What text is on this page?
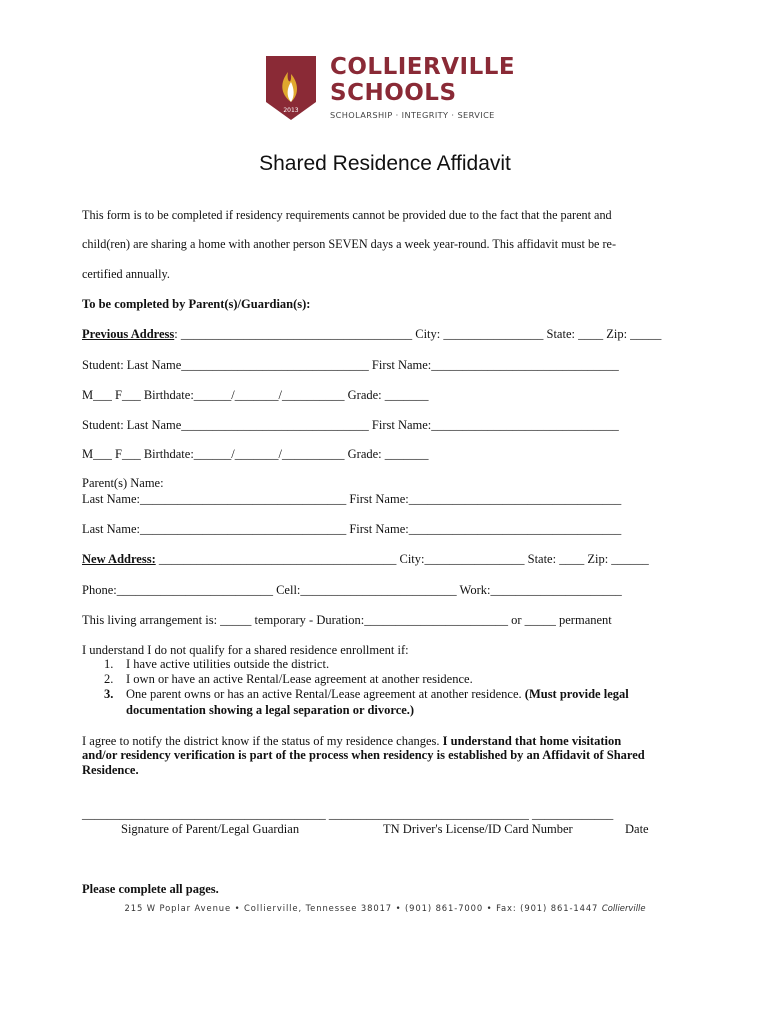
2013
COLLIERVILLE
SCHOOLS
SCHOLARSHIP · INTEGRITY · SERVICE
Shared Residence Affidavit
This form is to be completed if residency requirements cannot be provided due to the fact that the parent and
child(ren) are sharing a home with another person SEVEN days a week year-round. This affidavit must be re-
certified annually.
To be completed by Parent(s)/Guardian(s):
Previous Address: _____________________________________ City: ________________ State: ____ Zip: _____
Student: Last Name______________________________ First Name:______________________________
M___ F___ Birthdate:______/_______/__________ Grade: _______
Student: Last Name______________________________ First Name:______________________________
M___ F___ Birthdate:______/_______/__________ Grade: _______
Parent(s) Name:
Last Name:_________________________________ First Name:__________________________________
Last Name:_________________________________ First Name:__________________________________
New Address: ______________________________________ City:________________ State: ____ Zip: ______
Phone:_________________________ Cell:_________________________ Work:_____________________
This living arrangement is: _____ temporary - Duration:_______________________ or _____ permanent
I understand I do not qualify for a shared residence enrollment if:
1. I have active utilities outside the district.
2. I own or have an active Rental/Lease agreement at another residence.
3. One parent owns or has an active Rental/Lease agreement at another residence. (Must provide legal
documentation showing a legal separation or divorce.)
I agree to notify the district know if the status of my residence changes. I understand that home visitation
and/or residency verification is part of the process when residency is established by an Affidavit of Shared
Residence.
_______________________________________ ________________________________ _____________
Signature of Parent/Legal Guardian	TN Driver's License/ID Card Number	Date
Please complete all pages.
215 W Poplar Avenue • Collierville, Tennessee 38017 • (901) 861-7000 • Fax: (901) 861-1447 Collierville
